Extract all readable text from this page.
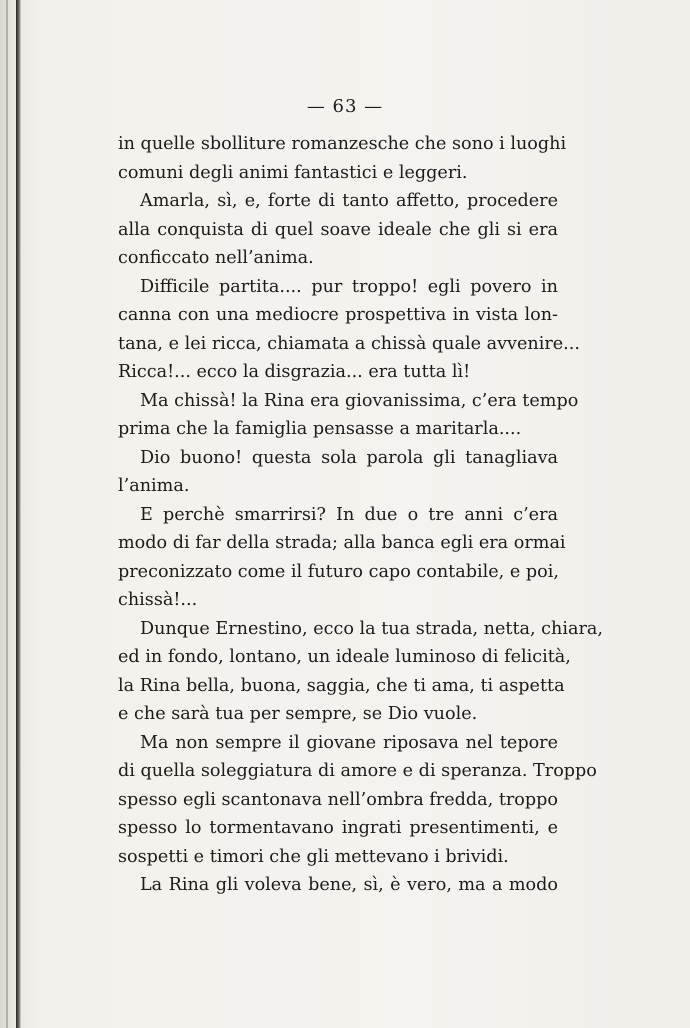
— 63 —
in quelle sbolliture romanzesche che sono i luoghi
comuni degli animi fantastici e leggeri.
Amarla, sì, e, forte di tanto affetto, procedere
alla conquista di quel soave ideale che gli si era
conficcato nell’anima.
Difficile partita.... pur troppo! egli povero in
canna con una mediocre prospettiva in vista lon-
tana, e lei ricca, chiamata a chissà quale avvenire...
Ricca!... ecco la disgrazia... era tutta lì!
Ma chissà! la Rina era giovanissima, c’era tempo
prima che la famiglia pensasse a maritarla....
Dio buono! questa sola parola gli tanagliava
l’anima.
E perchè smarrirsi? In due o tre anni c’era
modo di far della strada; alla banca egli era ormai
preconizzato come il futuro capo contabile, e poi,
chissà!...
Dunque Ernestino, ecco la tua strada, netta, chiara,
ed in fondo, lontano, un ideale luminoso di felicità,
la Rina bella, buona, saggia, che ti ama, ti aspetta
e che sarà tua per sempre, se Dio vuole.
Ma non sempre il giovane riposava nel tepore
di quella soleggiatura di amore e di speranza. Troppo
spesso egli scantonava nell’ombra fredda, troppo
spesso lo tormentavano ingrati presentimenti, e
sospetti e timori che gli mettevano i brividi.
La Rina gli voleva bene, sì, è vero, ma a modo
